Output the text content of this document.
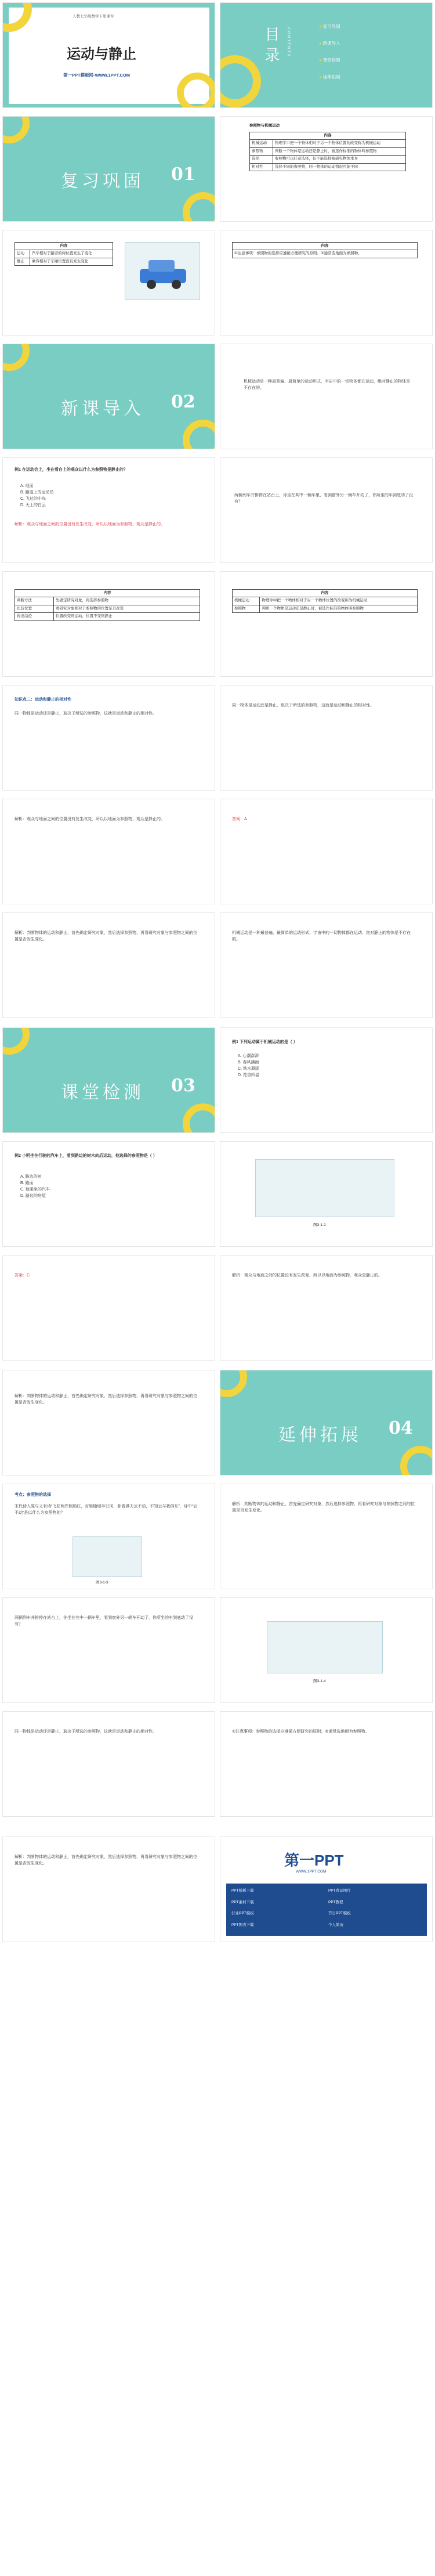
人教七年级数学下册课件
运动与静止
第一PPT模板网-WWW.1PPT.COM
目录	CONTENTS
● 复习巩固
● 新课导入
● 课堂检测
● 延伸拓展
复习巩固 01
参照物与机械运动
内容	
机械运动	物理学中把一个物体相对于另一个物体位置的改变称为机械运动
参照物	判断一个物体是运动还是静止时，被选作标准的物体叫参照物
选择	参照物可以任意选择，但不能选择被研究物体本身
相对性	选择不同的参照物，同一物体的运动情况可能不同
内容	
运动	汽车相对于路旁的树位置发生了变化
静止	乘客相对于车厢位置没有发生变化
内容
①注意事项：参照物的选择应遵循方便研究的原则；②通常选地面为参照物。
新课导入 02
机械运动是一种最普遍、最简单的运动形式，宇宙中的一切物体都在运动，绝对静止的物体是不存在的。
例1 在运动会上，坐在看台上的观众以什么为参照物是静止的？
A. 地面
B. 跑道上的运动员
C. 飞过的小鸟
D. 天上的白云
解析：观众与地面之间的位置没有发生改变，所以以地面为参照物，观众是静止的。
两辆列车并排停在站台上，你坐在其中一辆车里，看到窗外另一辆车开动了，你所坐的车到底动了没有？
内容	
判断方法	先确定研究对象，再选择参照物
比较位置	看研究对象相对于参照物的位置是否改变
得出结论	位置改变则运动，位置不变则静止
内容	
机械运动	物理学中把一个物体相对于另一个物体位置的改变称为机械运动
参照物	判断一个物体是运动还是静止时，被选作标准的物体叫参照物
知识点二：运动和静止的相对性
同一物体是运动还是静止，取决于所选的参照物，这就是运动和静止的相对性。
同一物体是运动还是静止，取决于所选的参照物，这就是运动和静止的相对性。
解析：观众与地面之间的位置没有发生改变，所以以地面为参照物，观众是静止的。	答案：A
解析：判断物体的运动和静止，首先确定研究对象，然后选择参照物，再看研究对象与参照物之间的位置是否发生变化。
机械运动是一种最普遍、最简单的运动形式，宇宙中的一切物体都在运动，绝对静止的物体是不存在的。
课堂检测 03
例1 下列运动属于机械运动的是（ ）
A. 心潮澎湃
B. 春风拂面
C. 铁水凝固
D. 花香四溢
例2 小明坐在行驶的汽车上，看到路边的树木向后运动，他选择的参照物是（ ）
A. 路边的树
B. 路面
C. 他乘坐的汽车
D. 路边的房屋
图3-1-2
答案：C	解析：观众与地面之间的位置没有发生改变，所以以地面为参照物，观众是静止的。
解析：判断物体的运动和静止，首先确定研究对象，然后选择参照物，再看研究对象与参照物之间的位置是否发生变化。
延伸拓展 04
考点：参照物的选择
宋代诗人陈与义有诗“飞花两岸照船红，百里榆堤半日风，卧看满天云不动，不知云与我俱东”，诗中“云不动”是以什么为参照物的？
图3-1-3
解析：判断物体的运动和静止，首先确定研究对象，然后选择参照物，再看研究对象与参照物之间的位置是否发生变化。
两辆列车并排停在站台上，你坐在其中一辆车里，看到窗外另一辆车开动了，你所坐的车到底动了没有？
图3-1-4
同一物体是运动还是静止，取决于所选的参照物，这就是运动和静止的相对性。	①注意事项：参照物的选择应遵循方便研究的原则；②通常选地面为参照物。
解析：判断物体的运动和静止，首先确定研究对象，然后选择参照物，再看研究对象与参照物之间的位置是否发生变化。	第一PPT
WWW.1PPT.COM
PPT模板下载	PPT背景图片
PPT素材下载	PPT教程
行业PPT模板	节日PPT模板
PPT图表下载	个人简历
